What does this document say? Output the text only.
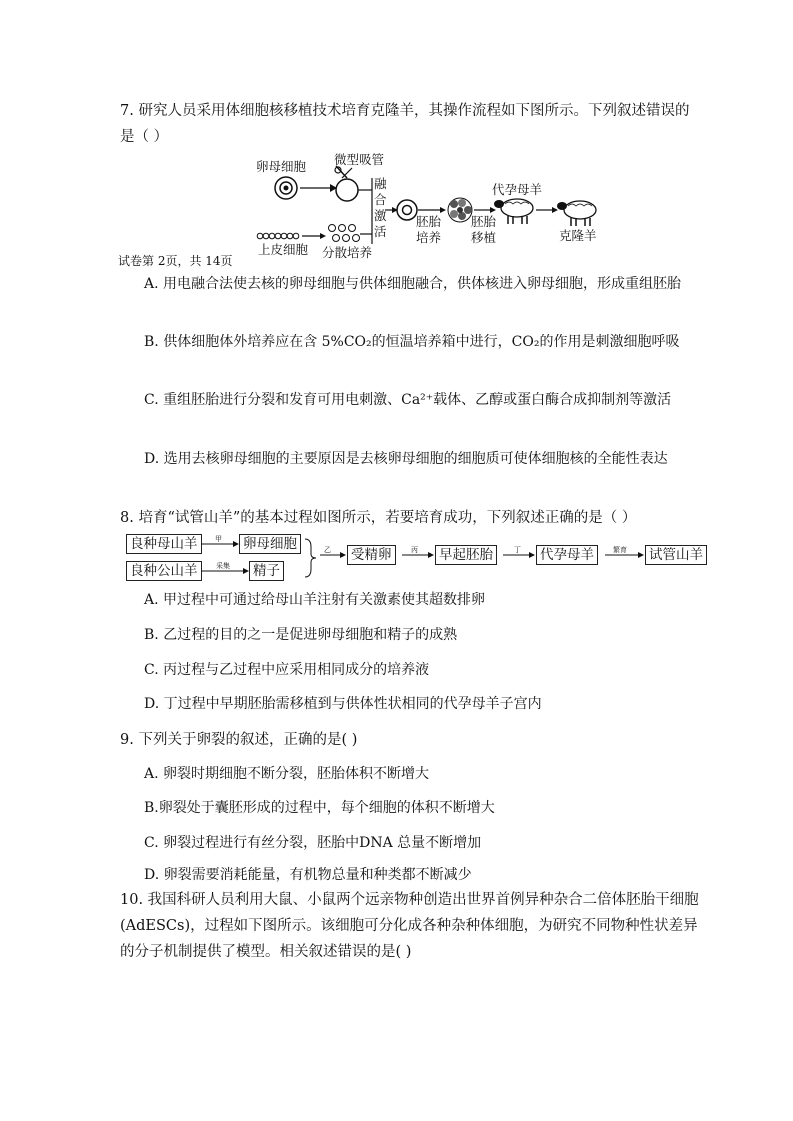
7. 研究人员采用体细胞核移植技术培育克隆羊，其操作流程如下图所示。下列叙述错误的是（ ）
卵母细胞 微型吸管
上皮细胞 分散培养
融合激活
胚胎培养
胚胎移植
代孕母羊
克隆羊
试卷第 2页，共 14页
A. 用电融合法使去核的卵母细胞与供体细胞融合，供体核进入卵母细胞，形成重组胚胎
B. 供体细胞体外培养应在含 5%CO₂的恒温培养箱中进行，CO₂的作用是刺激细胞呼吸
C. 重组胚胎进行分裂和发育可用电刺激、Ca²⁺载体、乙醇或蛋白酶合成抑制剂等激活
D. 选用去核卵母细胞的主要原因是去核卵母细胞的细胞质可使体细胞核的全能性表达
8. 培育“试管山羊”的基本过程如图所示，若要培育成功，下列叙述正确的是（ ）
良种母山羊
良种公山羊
卵母细胞
精子
受精卵	早起胚胎	代孕母羊	试管山羊
甲
采集
乙	丙	丁	繁育
A. 甲过程中可通过给母山羊注射有关激素使其超数排卵
B. 乙过程的目的之一是促进卵母细胞和精子的成熟
C. 丙过程与乙过程中应采用相同成分的培养液
D. 丁过程中早期胚胎需移植到与供体性状相同的代孕母羊子宫内
9. 下列关于卵裂的叙述，正确的是( )
A. 卵裂时期细胞不断分裂，胚胎体积不断增大
B.卵裂处于囊胚形成的过程中，每个细胞的体积不断增大
C. 卵裂过程进行有丝分裂，胚胎中DNA 总量不断增加
D. 卵裂需要消耗能量，有机物总量和种类都不断减少
10. 我国科研人员利用大鼠、小鼠两个远亲物种创造出世界首例异种杂合二倍体胚胎干细胞(AdESCs)，过程如下图所示。该细胞可分化成各种杂种体细胞，为研究不同物种性状差异的分子机制提供了模型。相关叙述错误的是( )
